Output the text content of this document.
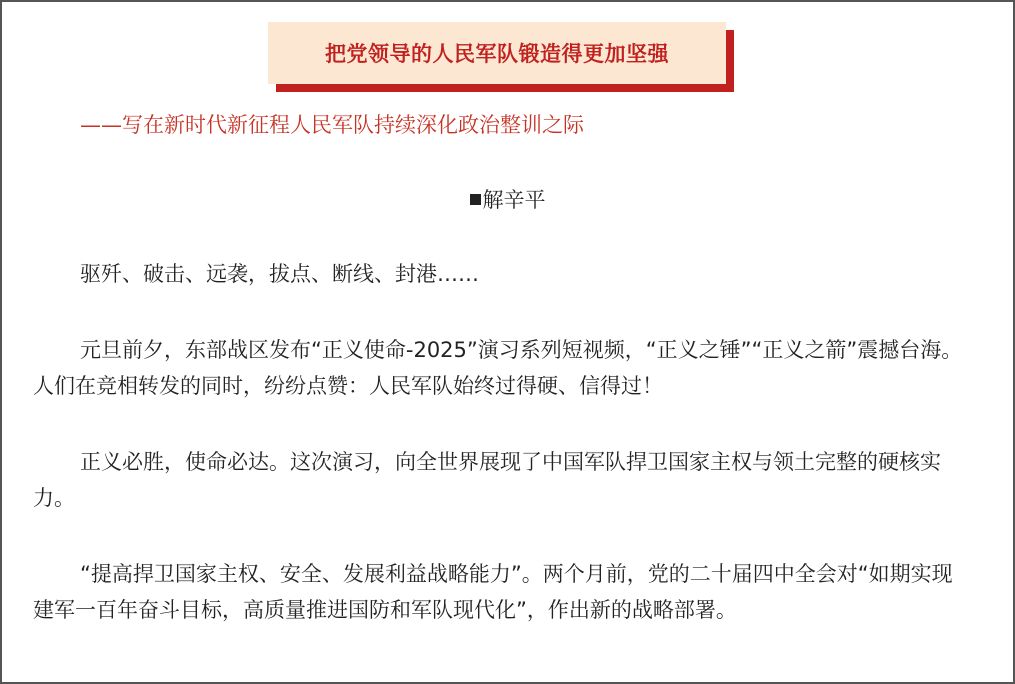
把党领导的人民军队锻造得更加坚强
——写在新时代新征程人民军队持续深化政治整训之际
解辛平

驱歼、破击、远袭，拔点、断线、封港……

元旦前夕，东部战区发布“正义使命-2025”演习系列短视频，“正义之锤”“正义之箭”震撼台海。人们在竞相转发的同时，纷纷点赞：人民军队始终过得硬、信得过！

正义必胜，使命必达。这次演习，向全世界展现了中国军队捍卫国家主权与领土完整的硬核实力。

“提高捍卫国家主权、安全、发展利益战略能力”。两个月前，党的二十届四中全会对“如期实现建军一百年奋斗目标，高质量推进国防和军队现代化”，作出新的战略部署。
